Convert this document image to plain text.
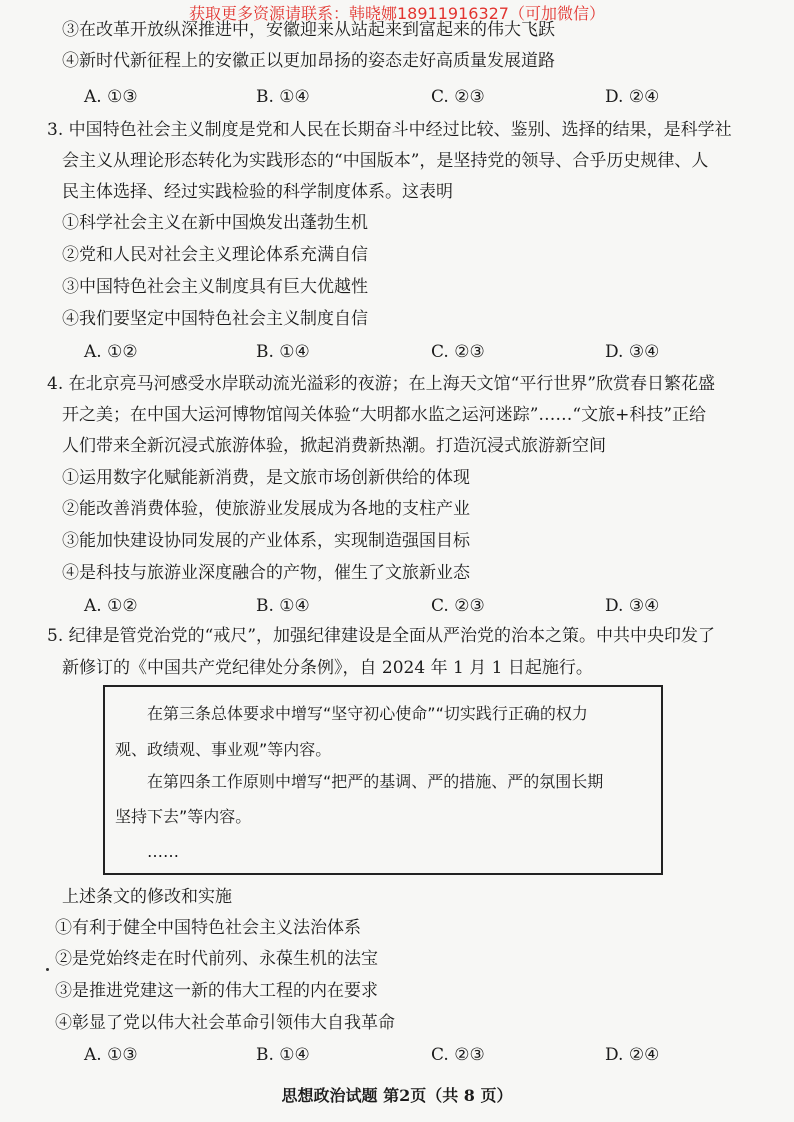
获取更多资源请联系：韩晓娜18911916327（可加微信）
③在改革开放纵深推进中，安徽迎来从站起来到富起来的伟大飞跃
④新时代新征程上的安徽正以更加昂扬的姿态走好高质量发展道路
A. ①③	B. ①④	C. ②③	D. ②④
3. 中国特色社会主义制度是党和人民在长期奋斗中经过比较、鉴别、选择的结果，是科学社
会主义从理论形态转化为实践形态的“中国版本”，是坚持党的领导、合乎历史规律、人
民主体选择、经过实践检验的科学制度体系。这表明
①科学社会主义在新中国焕发出蓬勃生机
②党和人民对社会主义理论体系充满自信
③中国特色社会主义制度具有巨大优越性
④我们要坚定中国特色社会主义制度自信
A. ①②	B. ①④	C. ②③	D. ③④
4. 在北京亮马河感受水岸联动流光溢彩的夜游；在上海天文馆“平行世界”欣赏春日繁花盛
开之美；在中国大运河博物馆闯关体验“大明都水监之运河迷踪”……“文旅+科技”正给
人们带来全新沉浸式旅游体验，掀起消费新热潮。打造沉浸式旅游新空间
①运用数字化赋能新消费，是文旅市场创新供给的体现
②能改善消费体验，使旅游业发展成为各地的支柱产业
③能加快建设协同发展的产业体系，实现制造强国目标
④是科技与旅游业深度融合的产物，催生了文旅新业态
A. ①②	B. ①④	C. ②③	D. ③④
5. 纪律是管党治党的“戒尺”，加强纪律建设是全面从严治党的治本之策。中共中央印发了
新修订的《中国共产党纪律处分条例》，自 2024 年 1 月 1 日起施行。
在第三条总体要求中增写“坚守初心使命”“切实践行正确的权力
观、政绩观、事业观”等内容。
在第四条工作原则中增写“把严的基调、严的措施、严的氛围长期
坚持下去”等内容。
……
上述条文的修改和实施
①有利于健全中国特色社会主义法治体系
②是党始终走在时代前列、永葆生机的法宝
③是推进党建这一新的伟大工程的内在要求
④彰显了党以伟大社会革命引领伟大自我革命
A. ①③	B. ①④	C. ②③	D. ②④
思想政治试题 第2页（共 8 页）
